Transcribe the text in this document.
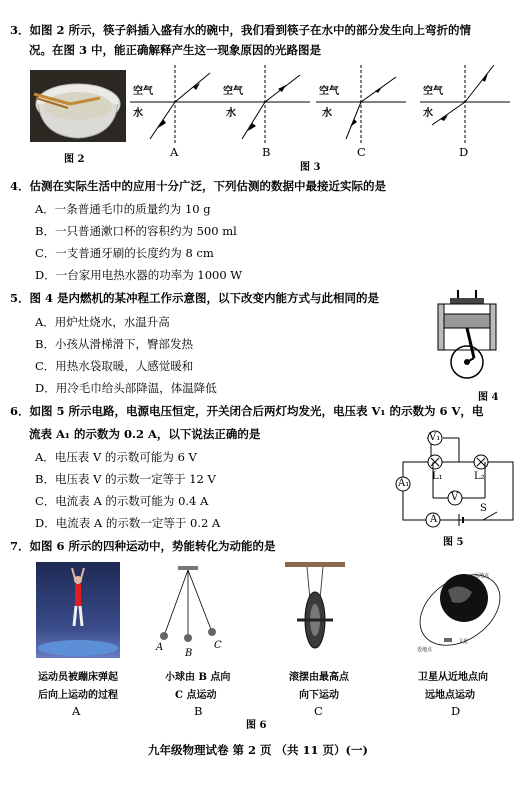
3．如图 2 所示，筷子斜插入盛有水的碗中，我们看到筷子在水中的部分发生向上弯折的情
况。在图 3 中，能正确解释产生这一现象原因的光路图是
图 2
空气
水
A
空气
水
B
空气
水
C
空气
水
D
图 3
4．估测在实际生活中的应用十分广泛，下列估测的数据中最接近实际的是
A．一条普通毛巾的质量约为 10 g
B．一只普通漱口杯的容积约为 500 ml
C．一支普通牙刷的长度约为 8 cm
D．一台家用电热水器的功率为 1000 W
5．图 4 是内燃机的某冲程工作示意图，以下改变内能方式与此相同的是
A．用炉灶烧水，水温升高
B．小孩从滑梯滑下，臀部发热
C．用热水袋取暖，人感觉暖和
D．用冷毛巾给头部降温，体温降低
图 4
6．如图 5 所示电路，电源电压恒定，开关闭合后两灯均发光，电压表 V₁ 的示数为 6 V，电
流表 A₁ 的示数为 0.2 A，以下说法正确的是
A．电压表 V 的示数可能为 6 V
B．电压表 V 的示数一定等于 12 V
C．电流表 A 的示数可能为 0.4 A
D．电流表 A 的示数一定等于 0.2 A
V₁
A₁
L₁	L₂
V
A
S
图 5
7．如图 6 所示的四种运动中，势能转化为动能的是
A
B
C
远地点
近地点
卫星
运动员被蹦床弹起
后向上运动的过程
小球由 B 点向
C 点运动
滚摆由最高点
向下运动
卫星从近地点向
远地点运动
A	B	C	D
图 6
九年级物理试卷 第 2 页 （共 11 页）(一)
